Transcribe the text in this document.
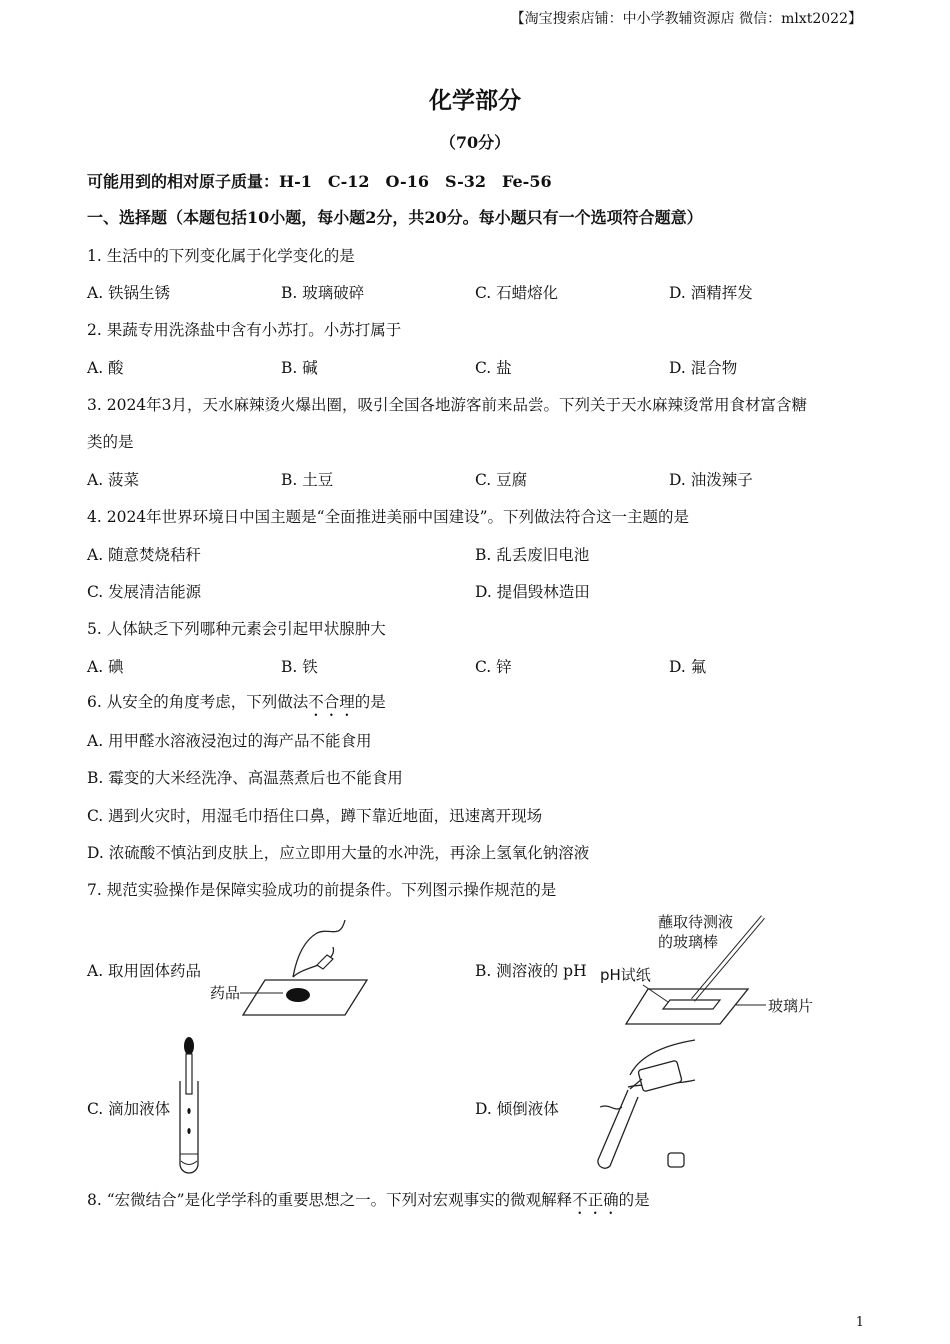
【淘宝搜索店铺：中小学教辅资源店 微信：mlxt2022】
化学部分
（70分）
可能用到的相对原子质量：H-1　C-12　O-16　S-32　Fe-56
一、选择题（本题包括10小题，每小题2分，共20分。每小题只有一个选项符合题意）
1. 生活中的下列变化属于化学变化的是
A. 铁锅生锈	B. 玻璃破碎	C. 石蜡熔化	D. 酒精挥发
2. 果蔬专用洗涤盐中含有小苏打。小苏打属于
A. 酸	B. 碱	C. 盐	D. 混合物
3. 2024年3月，天水麻辣烫火爆出圈，吸引全国各地游客前来品尝。下列关于天水麻辣烫常用食材富含糖
类的是
A. 菠菜	B. 土豆	C. 豆腐	D. 油泼辣子
4. 2024年世界环境日中国主题是“全面推进美丽中国建设”。下列做法符合这一主题的是
A. 随意焚烧秸秆	B. 乱丢废旧电池
C. 发展清洁能源	D. 提倡毁林造田
5. 人体缺乏下列哪种元素会引起甲状腺肿大
A. 碘	B. 铁	C. 锌	D. 氟
6. 从安全的角度考虑，下列做法不合理的是
A. 用甲醛水溶液浸泡过的海产品不能食用
B. 霉变的大米经洗净、高温蒸煮后也不能食用
C. 遇到火灾时，用湿毛巾捂住口鼻，蹲下靠近地面，迅速离开现场
D. 浓硫酸不慎沾到皮肤上，应立即用大量的水冲洗，再涂上氢氧化钠溶液
7. 规范实验操作是保障实验成功的前提条件。下列图示操作规范的是
A. 取用固体药品	B. 测溶液的 pH
C. 滴加液体	D. 倾倒液体
药品
蘸取待测液
的玻璃棒
pH试纸
玻璃片
8. “宏微结合”是化学学科的重要思想之一。下列对宏观事实的微观解释不正确的是
1
